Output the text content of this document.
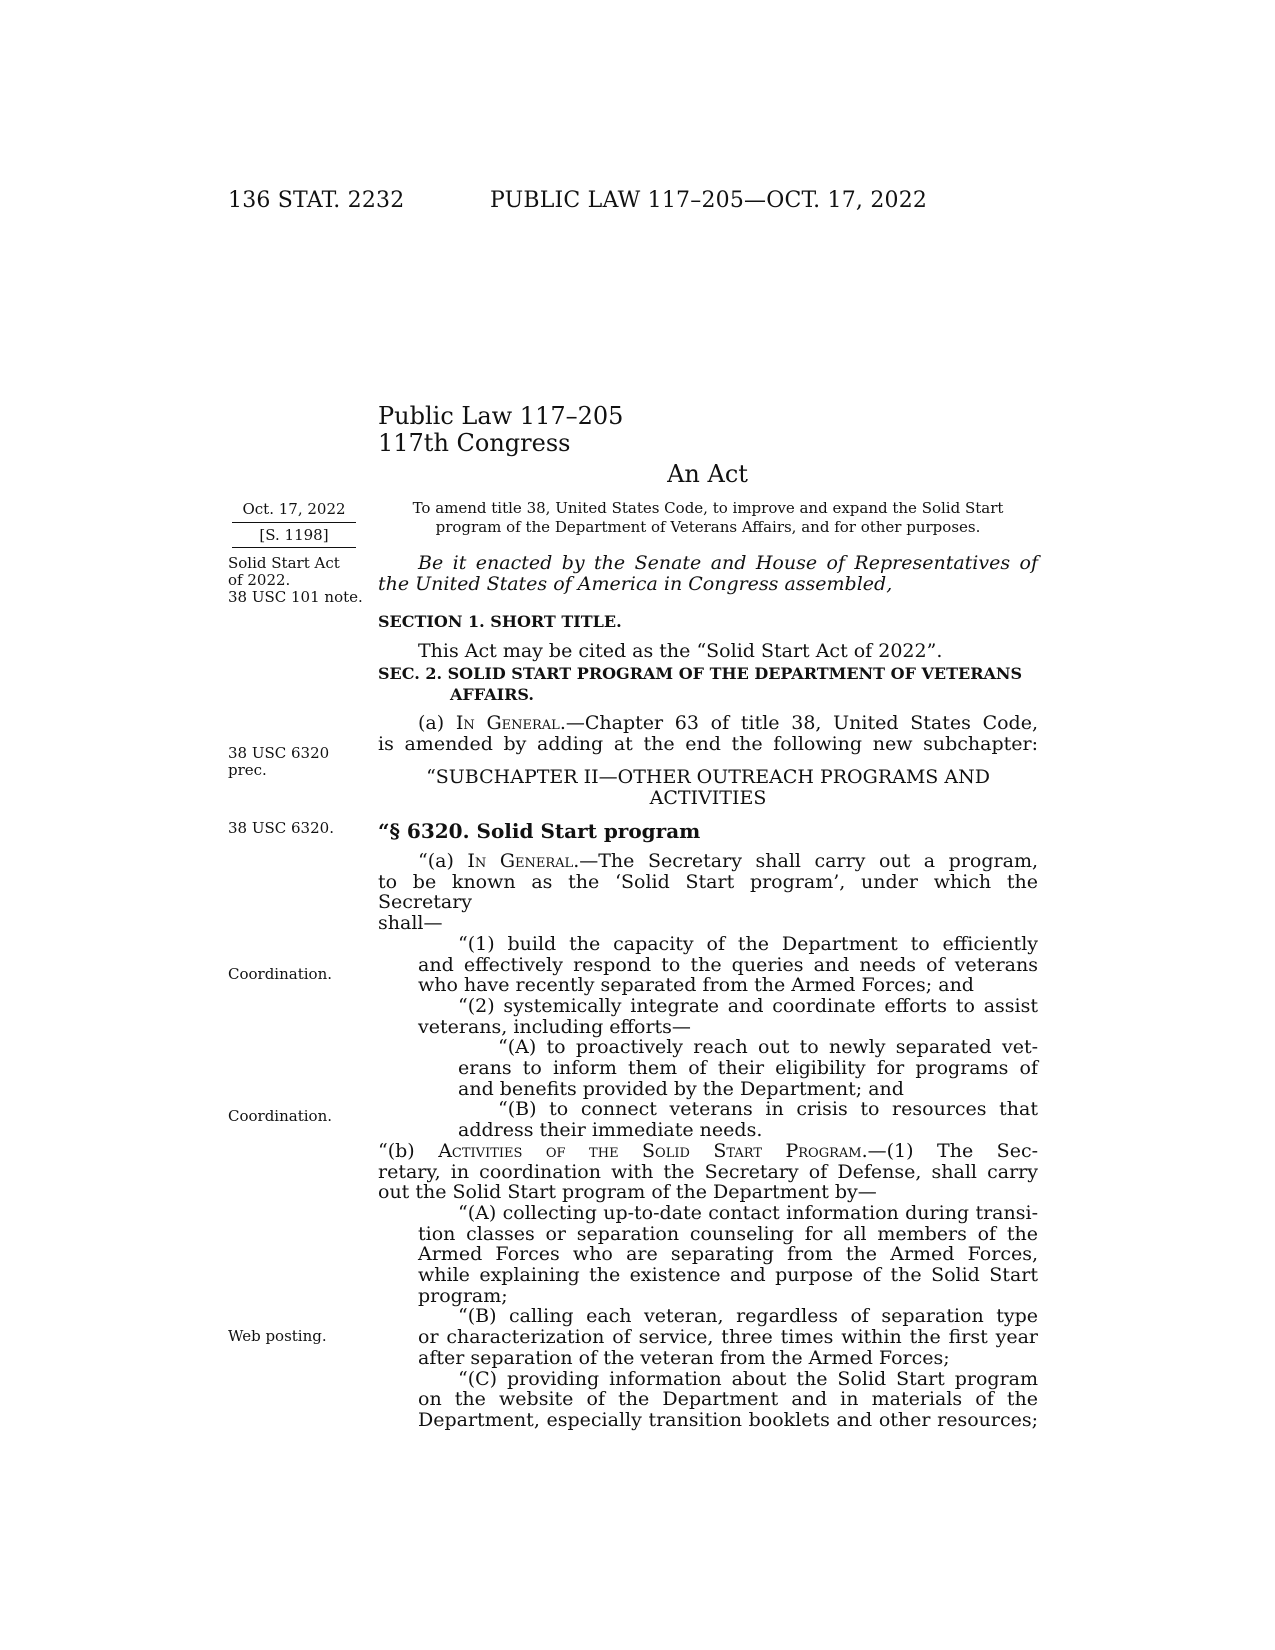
136 STAT. 2232	PUBLIC LAW 117–205—OCT. 17, 2022
Public Law 117–205
117th Congress
An Act
Oct. 17, 2022
[S. 1198]
To amend title 38, United States Code, to improve and expand the Solid Start
program of the Department of Veterans Affairs, and for other purposes.
Solid Start Act
of 2022.
38 USC 101 note.
38 USC 6320
prec.
38 USC 6320.
Coordination.
Coordination.
Web posting.
Be it enacted by the Senate and House of Representatives of
the United States of America in Congress assembled,
SECTION 1. SHORT TITLE.
This Act may be cited as the “Solid Start Act of 2022”.
SEC. 2. SOLID START PROGRAM OF THE DEPARTMENT OF VETERANS
AFFAIRS.
(a) In General.—Chapter 63 of title 38, United States Code,
is amended by adding at the end the following new subchapter:
“SUBCHAPTER II—OTHER OUTREACH PROGRAMS AND
ACTIVITIES
“§ 6320. Solid Start program
“(a) In General.—The Secretary shall carry out a program,
to be known as the ‘Solid Start program’, under which the Secretary
shall—
“(1) build the capacity of the Department to efficiently
and effectively respond to the queries and needs of veterans
who have recently separated from the Armed Forces; and
“(2) systemically integrate and coordinate efforts to assist
veterans, including efforts—
“(A) to proactively reach out to newly separated vet-
erans to inform them of their eligibility for programs of
and benefits provided by the Department; and
“(B) to connect veterans in crisis to resources that
address their immediate needs.
“(b) Activities of the Solid Start Program.—(1) The Sec-
retary, in coordination with the Secretary of Defense, shall carry
out the Solid Start program of the Department by—
“(A) collecting up-to-date contact information during transi-
tion classes or separation counseling for all members of the
Armed Forces who are separating from the Armed Forces,
while explaining the existence and purpose of the Solid Start
program;
“(B) calling each veteran, regardless of separation type
or characterization of service, three times within the first year
after separation of the veteran from the Armed Forces;
“(C) providing information about the Solid Start program
on the website of the Department and in materials of the
Department, especially transition booklets and other resources;
